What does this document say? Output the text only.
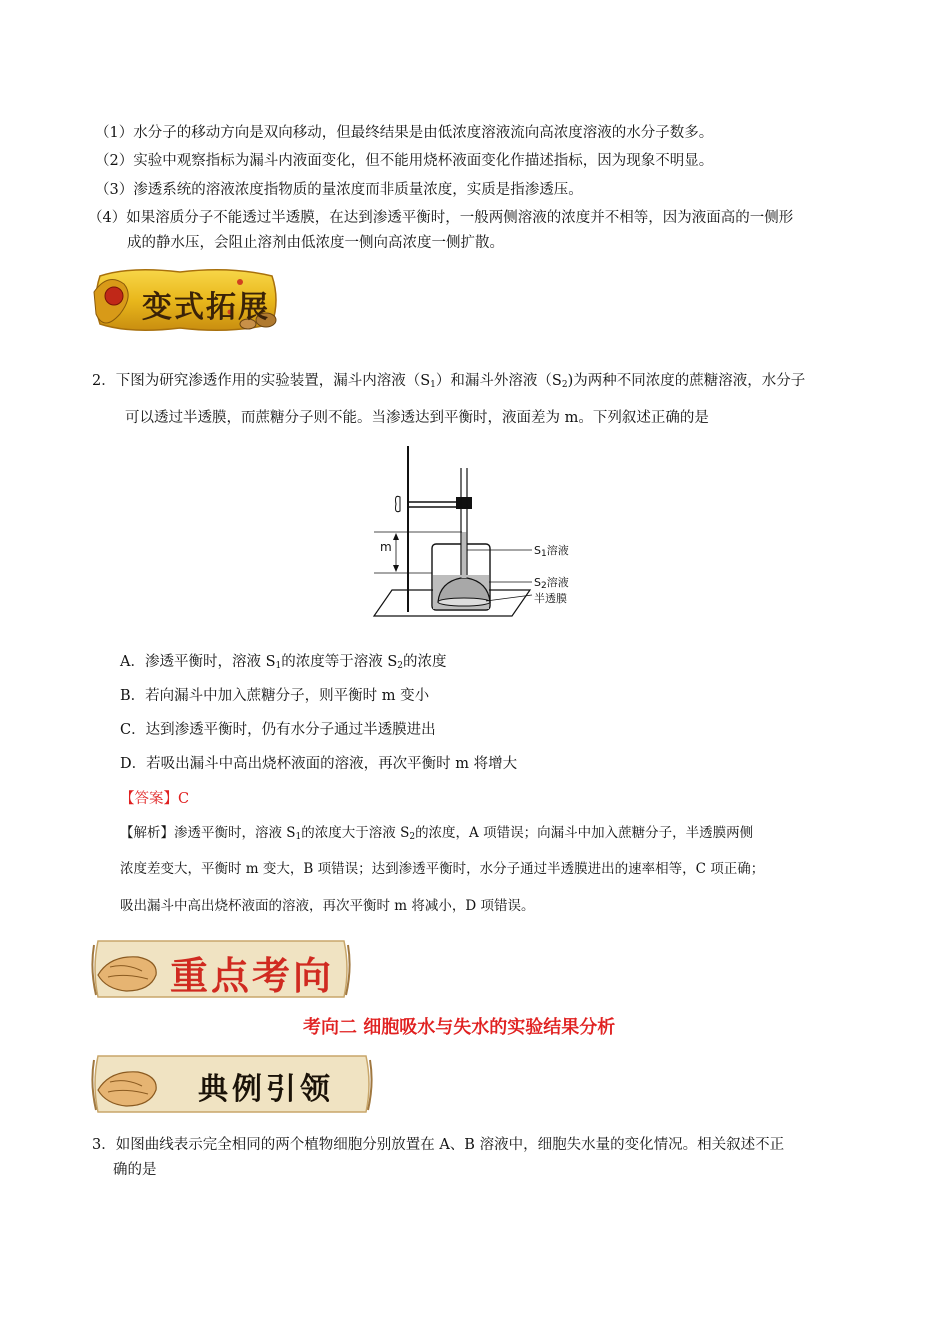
（1）水分子的移动方向是双向移动，但最终结果是由低浓度溶液流向高浓度溶液的水分子数多。
（2）实验中观察指标为漏斗内液面变化，但不能用烧杯液面变化作描述指标，因为现象不明显。
（3）渗透系统的溶液浓度指物质的量浓度而非质量浓度，实质是指渗透压。
（4）如果溶质分子不能透过半透膜，在达到渗透平衡时，一般两侧溶液的浓度并不相等，因为液面高的一侧形
成的静水压，会阻止溶剂由低浓度一侧向高浓度一侧扩散。
变式拓展
2．下图为研究渗透作用的实验装置，漏斗内溶液$(S_1)$和漏斗外溶液$(S_2)$为两种不同浓度的蔗糖溶液，水分子
可以透过半透膜，而蔗糖分子则不能。当渗透达到平衡时，液面差为 m。下列叙述正确的是
m	$S_1$溶液
$S_2$溶液
半透膜
A．渗透平衡时，溶液 $S_1$的浓度等于溶液 $S_2$的浓度
B．若向漏斗中加入蔗糖分子，则平衡时 m 变小
C．达到渗透平衡时，仍有水分子通过半透膜进出
D．若吸出漏斗中高出烧杯液面的溶液，再次平衡时 m 将增大
【答案】C
【解析】渗透平衡时，溶液 $S_1$的浓度大于溶液 $S_2$的浓度，A 项错误；向漏斗中加入蔗糖分子，半透膜两侧
浓度差变大，平衡时 m 变大，B 项错误；达到渗透平衡时，水分子通过半透膜进出的速率相等，C 项正确；
吸出漏斗中高出烧杯液面的溶液，再次平衡时 m 将减小，D 项错误。
重点考向
考向二 细胞吸水与失水的实验结果分析
典例引领
3．如图曲线表示完全相同的两个植物细胞分别放置在 A、B 溶液中，细胞失水量的变化情况。相关叙述不正
确的是
